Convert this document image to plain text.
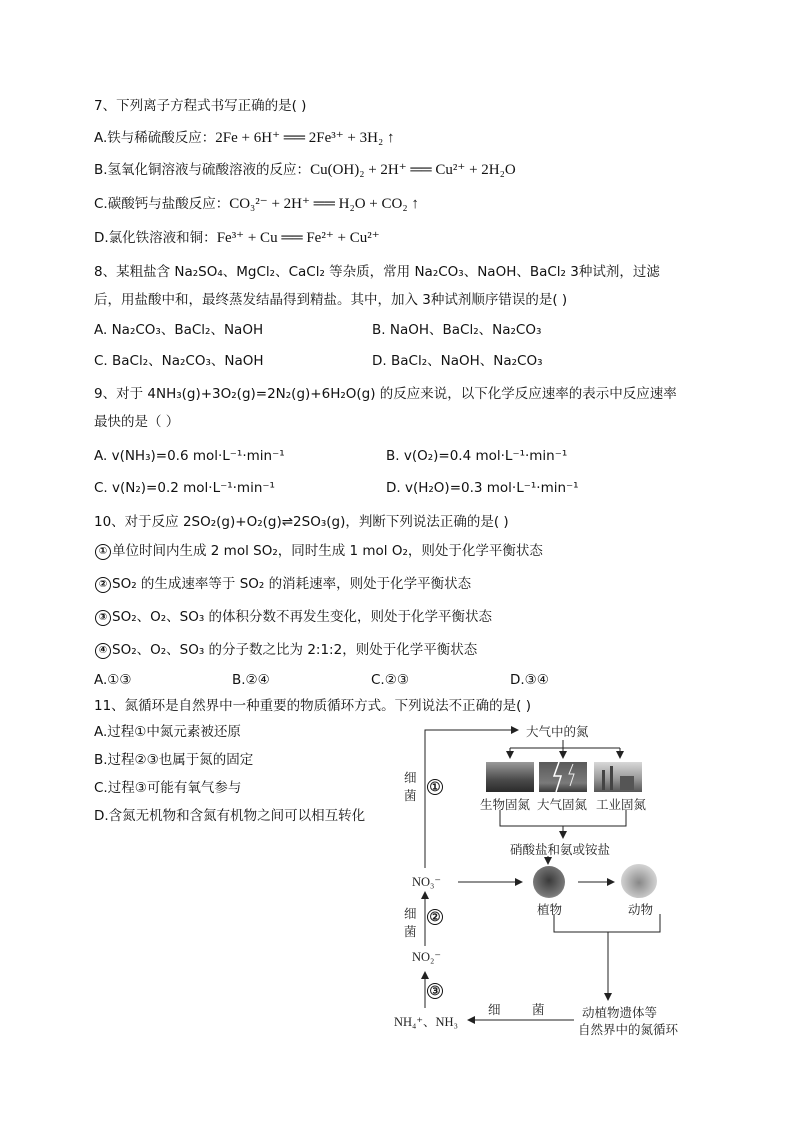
7、下列离子方程式书写正确的是( )
A.铁与稀硫酸反应：2Fe + 6H⁺ ══ 2Fe³⁺ + 3H₂ ↑
B.氢氧化铜溶液与硫酸溶液的反应：Cu(OH)₂ + 2H⁺ ══ Cu²⁺ + 2H₂O
C.碳酸钙与盐酸反应：CO₃²⁻ + 2H⁺ ══ H₂O + CO₂ ↑
D.氯化铁溶液和铜：Fe³⁺ + Cu ══ Fe²⁺ + Cu²⁺
8、某粗盐含 Na₂SO₄、MgCl₂、CaCl₂ 等杂质，常用 Na₂CO₃、NaOH、BaCl₂ 3种试剂，过滤
后，用盐酸中和，最终蒸发结晶得到精盐。其中，加入 3种试剂顺序错误的是( )
A. Na₂CO₃、BaCl₂、NaOH	B. NaOH、BaCl₂、Na₂CO₃
C. BaCl₂、Na₂CO₃、NaOH	D. BaCl₂、NaOH、Na₂CO₃
9、对于 4NH₃(g)+3O₂(g)=2N₂(g)+6H₂O(g) 的反应来说，以下化学反应速率的表示中反应速率
最快的是（ ）
A. v(NH₃)=0.6 mol·L⁻¹·min⁻¹	B. v(O₂)=0.4 mol·L⁻¹·min⁻¹
C. v(N₂)=0.2 mol·L⁻¹·min⁻¹	D. v(H₂O)=0.3 mol·L⁻¹·min⁻¹
10、对于反应 2SO₂(g)+O₂(g)⇌2SO₃(g)，判断下列说法正确的是( )
① 单位时间内生成 2 mol SO₂，同时生成 1 mol O₂，则处于化学平衡状态
② SO₂ 的生成速率等于 SO₂ 的消耗速率，则处于化学平衡状态
③ SO₂、O₂、SO₃ 的体积分数不再发生变化，则处于化学平衡状态
④ SO₂、O₂、SO₃ 的分子数之比为 2:1:2，则处于化学平衡状态
A.①③	B.②④	C.②③	D.③④
11、氮循环是自然界中一种重要的物质循环方式。下列说法不正确的是( )
A.过程①中氮元素被还原
B.过程②③也属于氮的固定
C.过程③可能有氧气参与
D.含氮无机物和含氮有机物之间可以相互转化
大气中的氮
生物固氮 大气固氮 工业固氮
硝酸盐和氨或铵盐
NO₃⁻
植物	动物
NO₂⁻
NH₄⁺、NH₃
动植物遗体等
自然界中的氮循环
细
菌
细
菌
细	菌
①
②
③
